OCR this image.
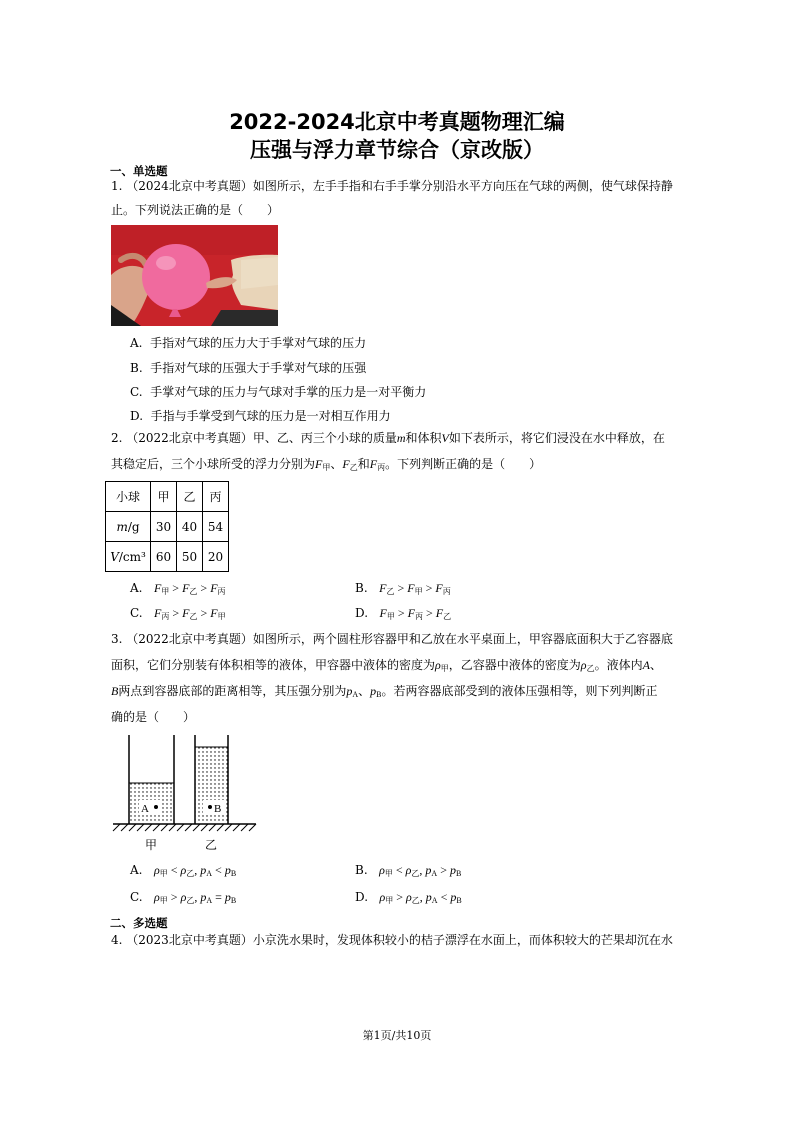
2022-2024北京中考真题物理汇编
压强与浮力章节综合（京改版）
一、单选题
1. （2024北京中考真题）如图所示，左手手指和右手手掌分别沿水平方向压在气球的两侧，使气球保持静
止。下列说法正确的是（　　）
A. 手指对气球的压力大于手掌对气球的压力
B. 手指对气球的压强大于手掌对气球的压强
C. 手掌对气球的压力与气球对手掌的压力是一对平衡力
D. 手指与手掌受到气球的压力是一对相互作用力
2. （2022北京中考真题）甲、乙、丙三个小球的质量m和体积V如下表所示，将它们浸没在水中释放，在
其稳定后，三个小球所受的浮力分别为$F_甲$、$F_乙$和$F_丙$。下列判断正确的是（　　）
小球	甲	乙	丙
m/g	30	40	54
V/cm³	60	50	20
A. $F_甲 > F_乙 > F_丙$	B. $F_乙 > F_甲 > F_丙$
C. $F_丙 > F_乙 > F_甲$	D. $F_甲 > F_丙 > F_乙$
3. （2022北京中考真题）如图所示，两个圆柱形容器甲和乙放在水平桌面上，甲容器底面积大于乙容器底
面积，它们分别装有体积相等的液体，甲容器中液体的密度为$\rho_甲$，乙容器中液体的密度为$\rho_乙$。液体内A、
B两点到容器底部的距离相等，其压强分别为$p_A$、$p_B$。若两容器底部受到的液体压强相等，则下列判断正
确的是（　　）
A	B
甲	乙
A. $\rho_甲 < \rho_乙$, $p_A < p_B$	B. $\rho_甲 < \rho_乙$, $p_A > p_B$
C. $\rho_甲 > \rho_乙$, $p_A = p_B$	D. $\rho_甲 > \rho_乙$, $p_A < p_B$
二、多选题
4. （2023北京中考真题）小京洗水果时，发现体积较小的桔子漂浮在水面上，而体积较大的芒果却沉在水
第1页/共10页
